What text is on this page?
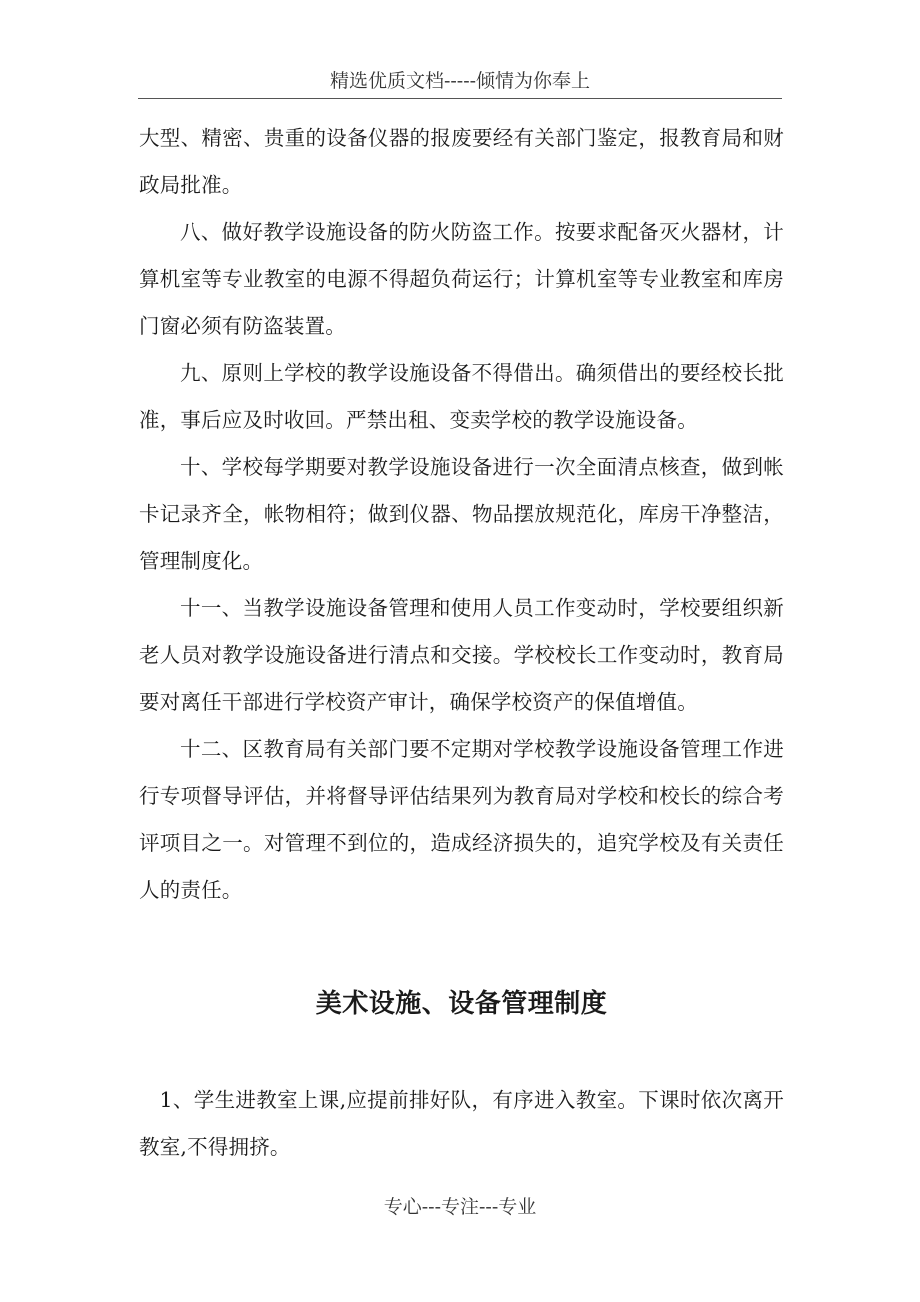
精选优质文档-----倾情为你奉上

大型、精密、贵重的设备仪器的报废要经有关部门鉴定，报教育局和财政局批准。

八、做好教学设施设备的防火防盗工作。按要求配备灭火器材，计算机室等专业教室的电源不得超负荷运行；计算机室等专业教室和库房门窗必须有防盗装置。

九、原则上学校的教学设施设备不得借出。确须借出的要经校长批准，事后应及时收回。严禁出租、变卖学校的教学设施设备。

十、学校每学期要对教学设施设备进行一次全面清点核查，做到帐卡记录齐全，帐物相符；做到仪器、物品摆放规范化，库房干净整洁，管理制度化。

十一、当教学设施设备管理和使用人员工作变动时，学校要组织新老人员对教学设施设备进行清点和交接。学校校长工作变动时，教育局要对离任干部进行学校资产审计，确保学校资产的保值增值。

十二、区教育局有关部门要不定期对学校教学设施设备管理工作进行专项督导评估，并将督导评估结果列为教育局对学校和校长的综合考评项目之一。对管理不到位的，造成经济损失的，追究学校及有关责任人的责任。

美术设施、设备管理制度

1、学生进教室上课,应提前排好队，有序进入教室。下课时依次离开教室,不得拥挤。

专心---专注---专业
